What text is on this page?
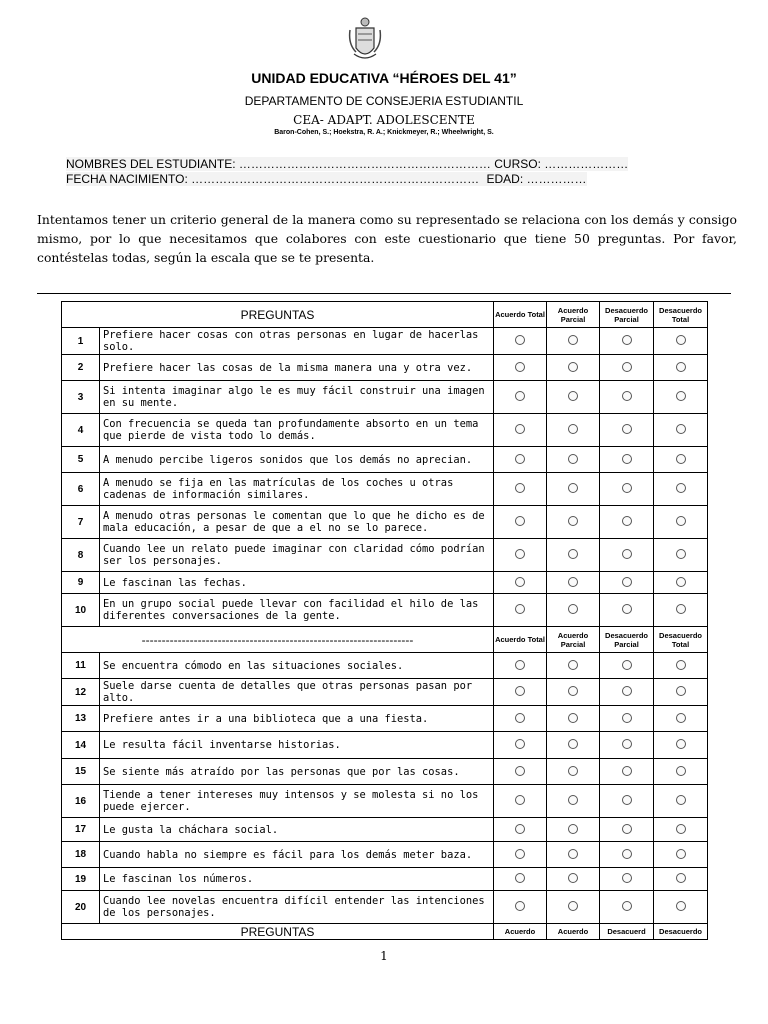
UNIDAD EDUCATIVA “HÉROES DEL 41”
DEPARTAMENTO DE CONSEJERIA ESTUDIANTIL
CEA- ADAPT. ADOLESCENTE
Baron-Cohen, S.; Hoekstra, R. A.; Knickmeyer, R.; Wheelwright, S.
NOMBRES DEL ESTUDIANTE: ……………………………………………………… CURSO: …………………
FECHA NACIMIENTO: ……………………………………………………………… EDAD: ……………
Intentamos tener un criterio general de la manera como su representado se relaciona con los demás y consigo mismo, por lo que necesitamos que colabores con este cuestionario que tiene 50 preguntas. Por favor, contéstelas todas, según la escala que se te presenta.
PREGUNTAS		Acuerdo Total	Acuerdo Parcial	Desacuerdo Parcial	Desacuerdo Total
1	Prefiere hacer cosas con otras personas en lugar de hacerlas solo.				
2	Prefiere hacer las cosas de la misma manera una y otra vez.				
3	Si intenta imaginar algo le es muy fácil construir una imagen en su mente.				
4	Con frecuencia se queda tan profundamente absorto en un tema que pierde de vista todo lo demás.				
5	A menudo percibe ligeros sonidos que los demás no aprecian.				
6	A menudo se fija en las matrículas de los coches u otras cadenas de información similares.				
7	A menudo otras personas le comentan que lo que he dicho es de mala educación, a pesar de que a el no se lo parece.				
8	Cuando lee un relato puede imaginar con claridad cómo podrían ser los personajes.				
9	Le fascinan las fechas.				
10	En un grupo social puede llevar con facilidad el hilo de las diferentes conversaciones de la gente.				
--------------------------------------------------------------------		Acuerdo Total	Acuerdo Parcial	Desacuerdo Parcial	Desacuerdo Total
11	Se encuentra cómodo en las situaciones sociales.				
12	Suele darse cuenta de detalles que otras personas pasan por alto.				
13	Prefiere antes ir a una biblioteca que a una fiesta.				
14	Le resulta fácil inventarse historias.				
15	Se siente más atraído por las personas que por las cosas.				
16	Tiende a tener intereses muy intensos y se molesta si no los puede ejercer.				
17	Le gusta la cháchara social.				
18	Cuando habla no siempre es fácil para los demás meter baza.				
19	Le fascinan los números.				
20	Cuando lee novelas encuentra difícil entender las intenciones de los personajes.				
PREGUNTAS		Acuerdo	Acuerdo	Desacuerd	Desacuerdo
1
